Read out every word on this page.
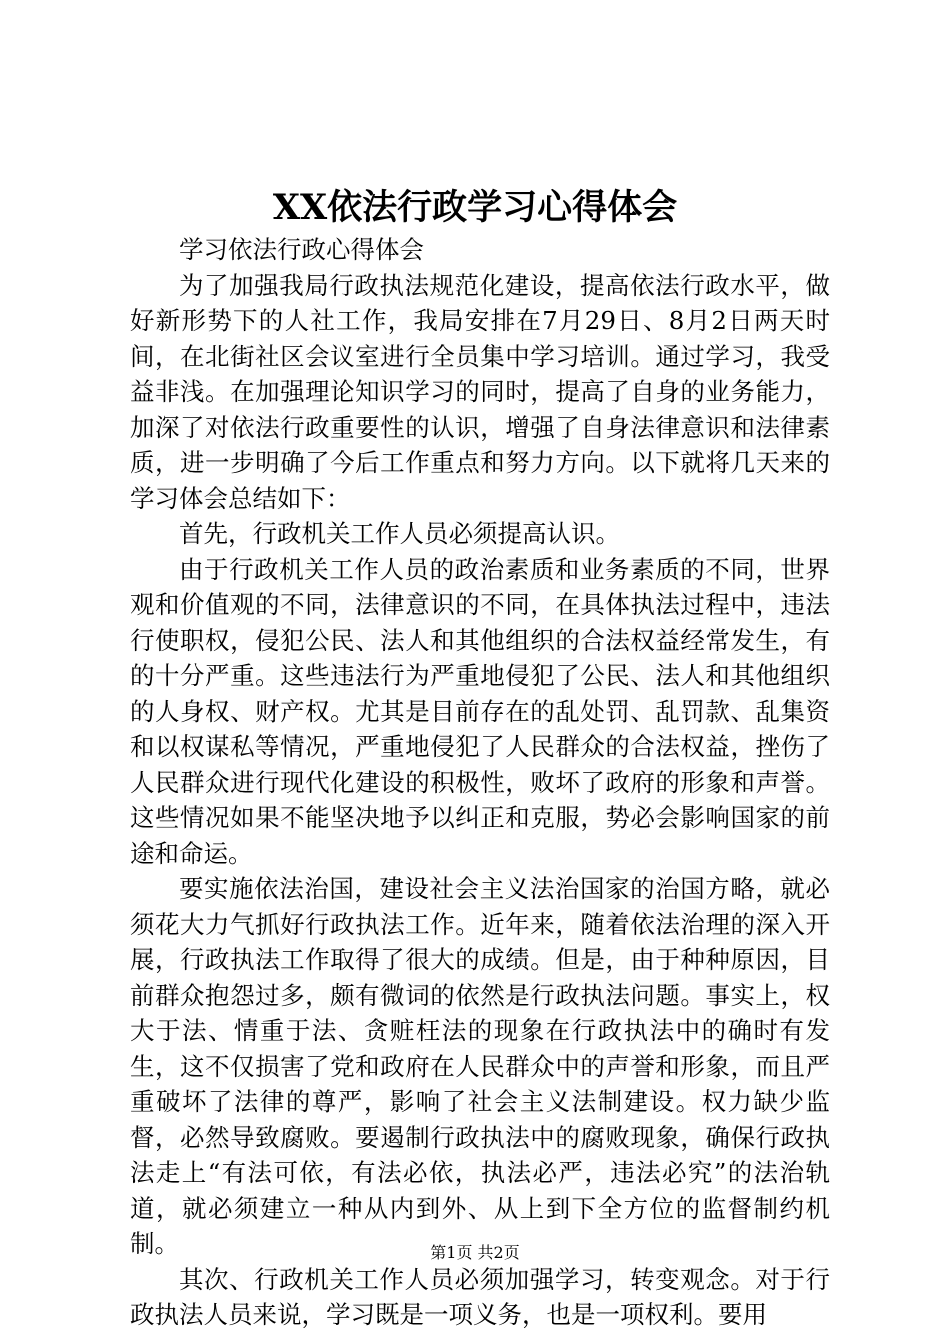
XX依法行政学习心得体会

学习依法行政心得体会

为了加强我局行政执法规范化建设，提高依法行政水平，做好新形势下的人社工作，我局安排在7月29日、8月2日两天时间，在北街社区会议室进行全员集中学习培训。通过学习，我受益非浅。在加强理论知识学习的同时，提高了自身的业务能力，加深了对依法行政重要性的认识，增强了自身法律意识和法律素质，进一步明确了今后工作重点和努力方向。以下就将几天来的学习体会总结如下：

首先，行政机关工作人员必须提高认识。

由于行政机关工作人员的政治素质和业务素质的不同，世界观和价值观的不同，法律意识的不同，在具体执法过程中，违法行使职权，侵犯公民、法人和其他组织的合法权益经常发生，有的十分严重。这些违法行为严重地侵犯了公民、法人和其他组织的人身权、财产权。尤其是目前存在的乱处罚、乱罚款、乱集资和以权谋私等情况，严重地侵犯了人民群众的合法权益，挫伤了人民群众进行现代化建设的积极性，败坏了政府的形象和声誉。这些情况如果不能坚决地予以纠正和克服，势必会影响国家的前途和命运。

要实施依法治国，建设社会主义法治国家的治国方略，就必须花大力气抓好行政执法工作。近年来，随着依法治理的深入开展，行政执法工作取得了很大的成绩。但是，由于种种原因，目前群众抱怨过多，颇有微词的依然是行政执法问题。事实上，权大于法、情重于法、贪赃枉法的现象在行政执法中的确时有发生，这不仅损害了党和政府在人民群众中的声誉和形象，而且严重破坏了法律的尊严，影响了社会主义法制建设。权力缺少监督，必然导致腐败。要遏制行政执法中的腐败现象，确保行政执法走上“有法可依，有法必依，执法必严，违法必究”的法治轨道，就必须建立一种从内到外、从上到下全方位的监督制约机制。

其次、行政机关工作人员必须加强学习，转变观念。对于行政执法人员来说，学习既是一项义务，也是一项权利。要用

第1页 共2页
